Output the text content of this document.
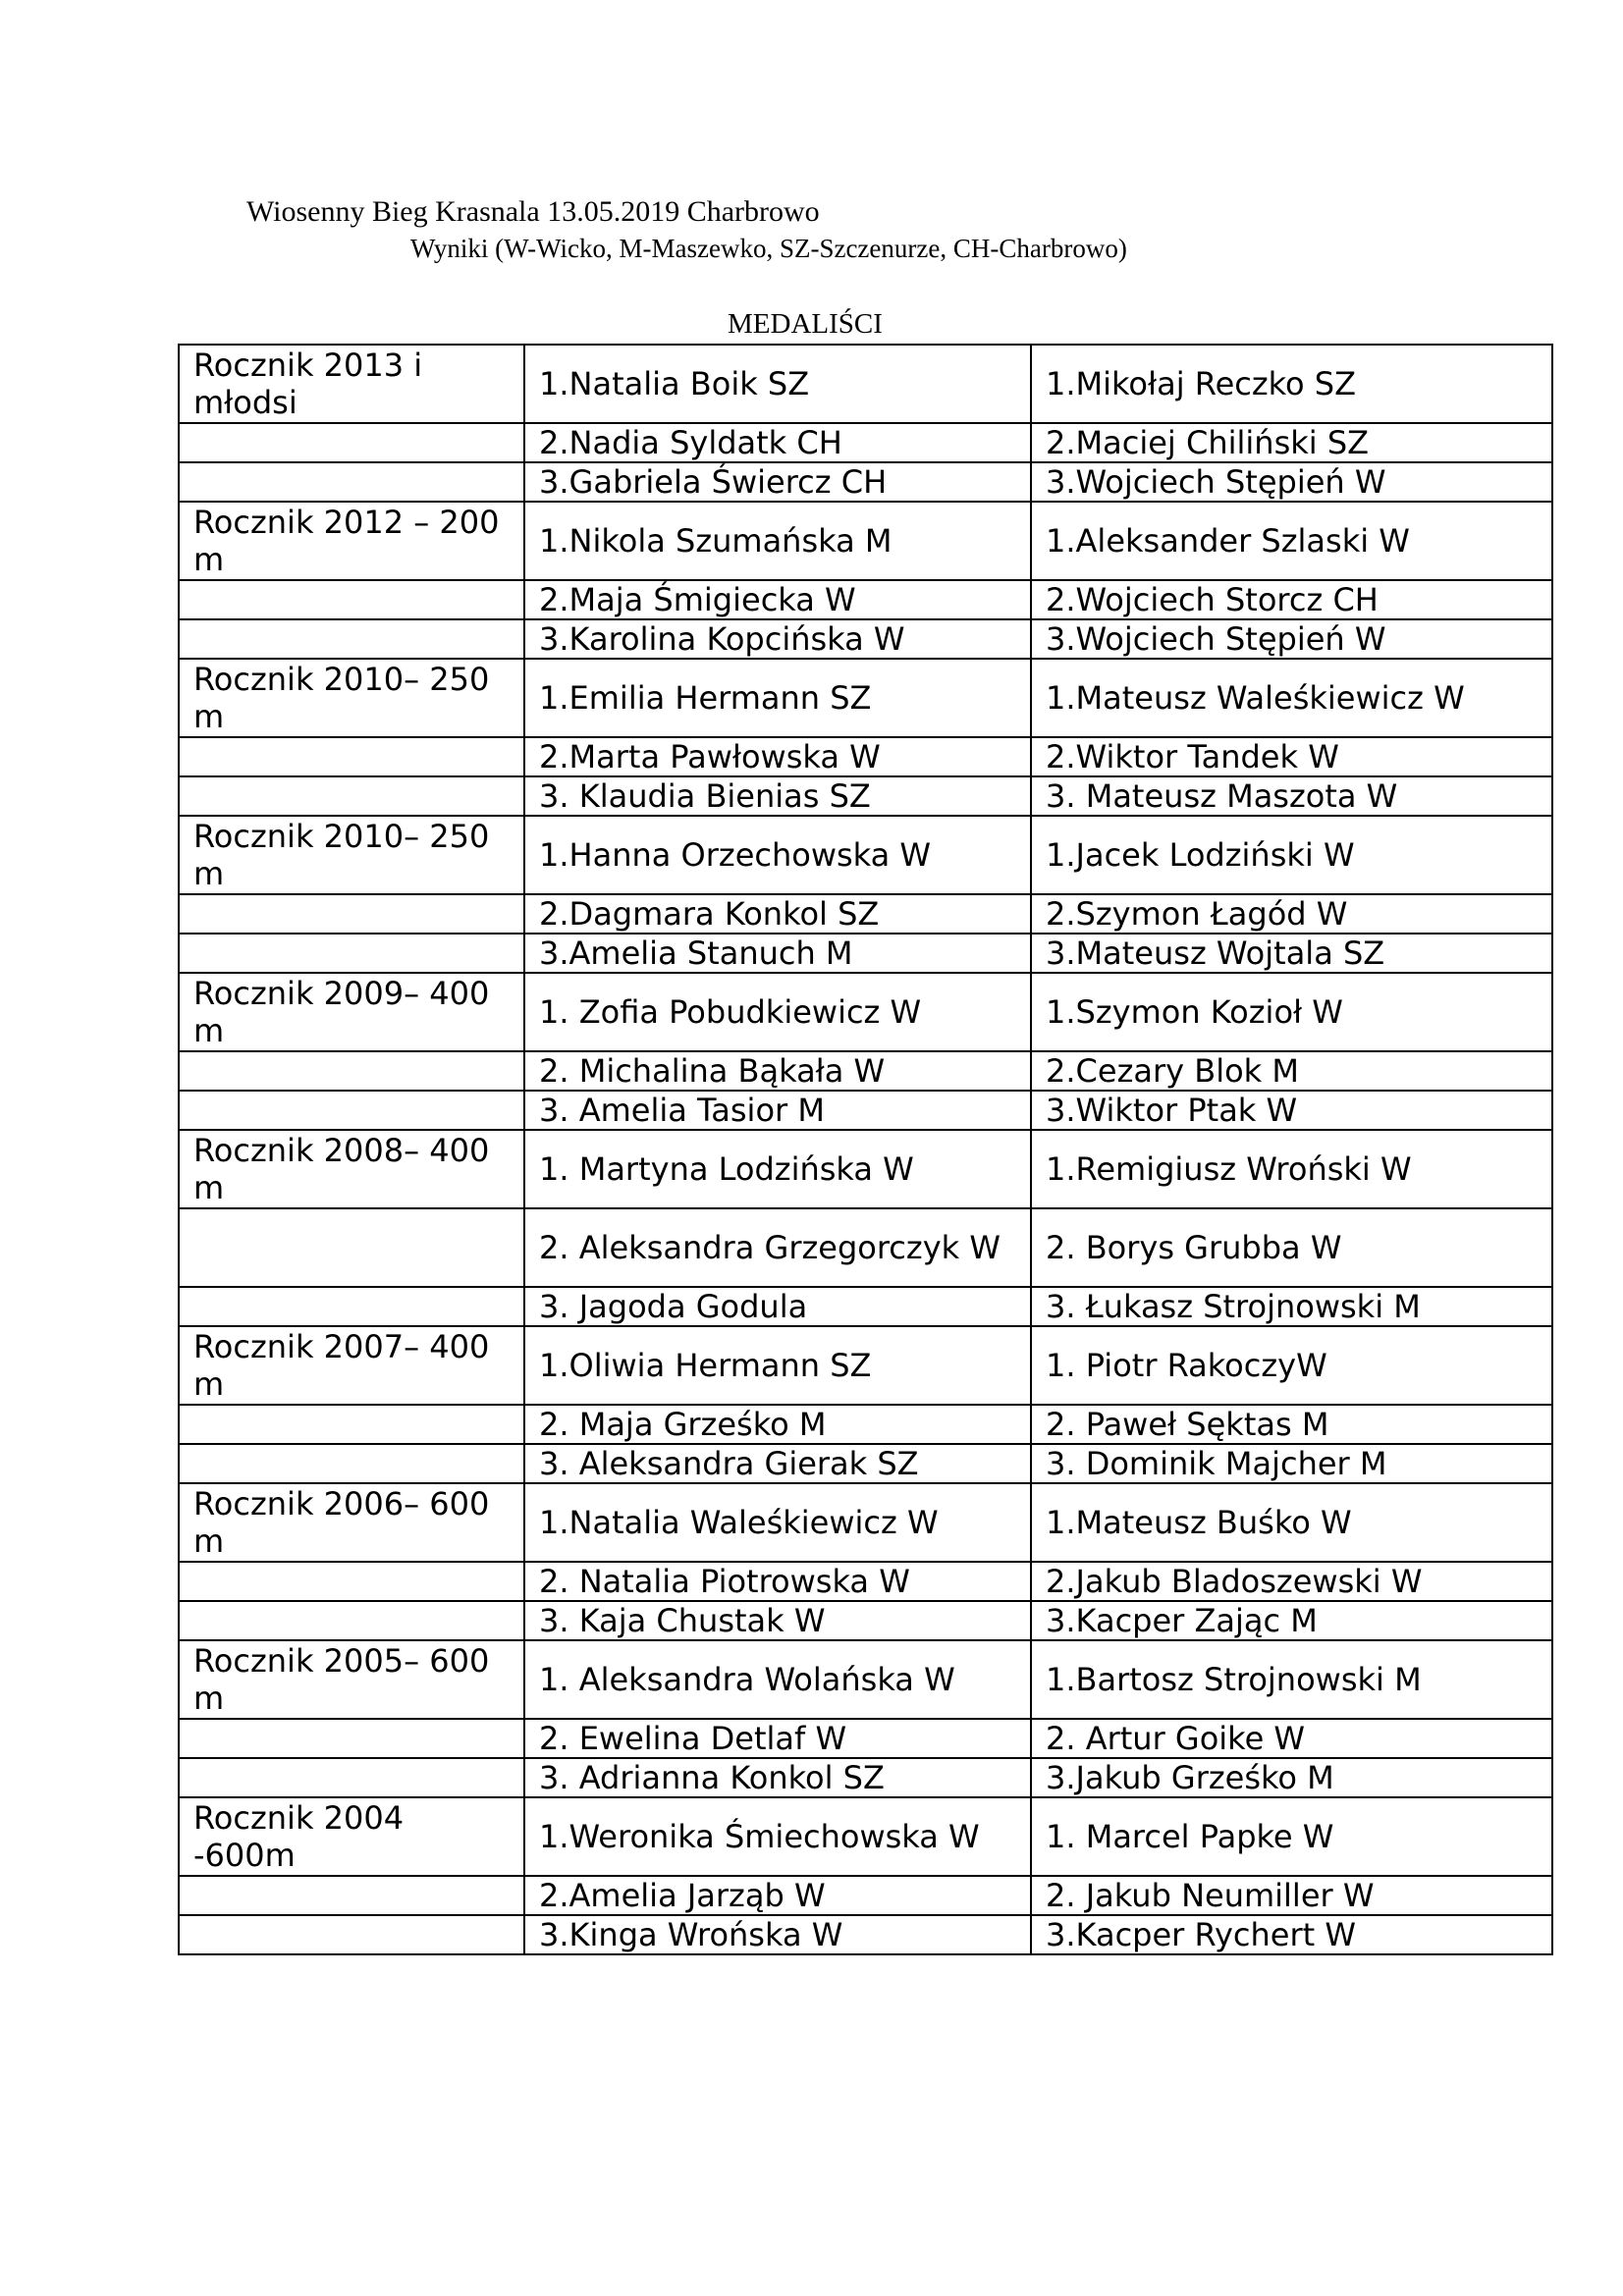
Wiosenny Bieg Krasnala 13.05.2019 Charbrowo
Wyniki (W-Wicko, M-Maszewko, SZ-Szczenurze, CH-Charbrowo)
MEDALIŚCI
Rocznik 2013 i młodsi	1.Natalia Boik SZ	1.Mikołaj Reczko SZ
	2.Nadia Syldatk CH	2.Maciej Chiliński SZ
	3.Gabriela Świercz CH	3.Wojciech Stępień W
Rocznik 2012 – 200 m	1.Nikola Szumańska M	1.Aleksander Szlaski W
	2.Maja Śmigiecka W	2.Wojciech Storcz CH
	3.Karolina Kopcińska W	3.Wojciech Stępień W
Rocznik 2010– 250 m	1.Emilia Hermann SZ	1.Mateusz Waleśkiewicz W
	2.Marta Pawłowska W	2.Wiktor Tandek W
	3. Klaudia Bienias SZ	3. Mateusz Maszota W
Rocznik 2010– 250 m	1.Hanna Orzechowska W	1.Jacek Lodziński W
	2.Dagmara Konkol SZ	2.Szymon Łagód W
	3.Amelia Stanuch M	3.Mateusz Wojtala SZ
Rocznik 2009– 400 m	1. Zofia Pobudkiewicz W	1.Szymon Kozioł W
	2. Michalina Bąkała W	2.Cezary Blok M
	3. Amelia Tasior M	3.Wiktor Ptak W
Rocznik 2008– 400 m	1. Martyna Lodzińska W	1.Remigiusz Wroński W
	2. Aleksandra Grzegorczyk W	2. Borys Grubba W
	3. Jagoda Godula	3. Łukasz Strojnowski M
Rocznik 2007– 400 m	1.Oliwia Hermann SZ	1. Piotr RakoczyW
	2. Maja Grześko M	2. Paweł Sęktas M
	3. Aleksandra Gierak SZ	3. Dominik Majcher M
Rocznik 2006– 600 m	1.Natalia Waleśkiewicz W	1.Mateusz Buśko W
	2. Natalia Piotrowska W	2.Jakub Bladoszewski W
	3. Kaja Chustak W	3.Kacper Zając M
Rocznik 2005– 600 m	1. Aleksandra Wolańska W	1.Bartosz Strojnowski M
	2. Ewelina Detlaf W	2. Artur Goike W
	3. Adrianna Konkol SZ	3.Jakub Grześko M
Rocznik 2004 -600m	1.Weronika Śmiechowska W	1. Marcel Papke W
	2.Amelia Jarząb W	2. Jakub Neumiller W
	3.Kinga Wrońska W	3.Kacper Rychert W
